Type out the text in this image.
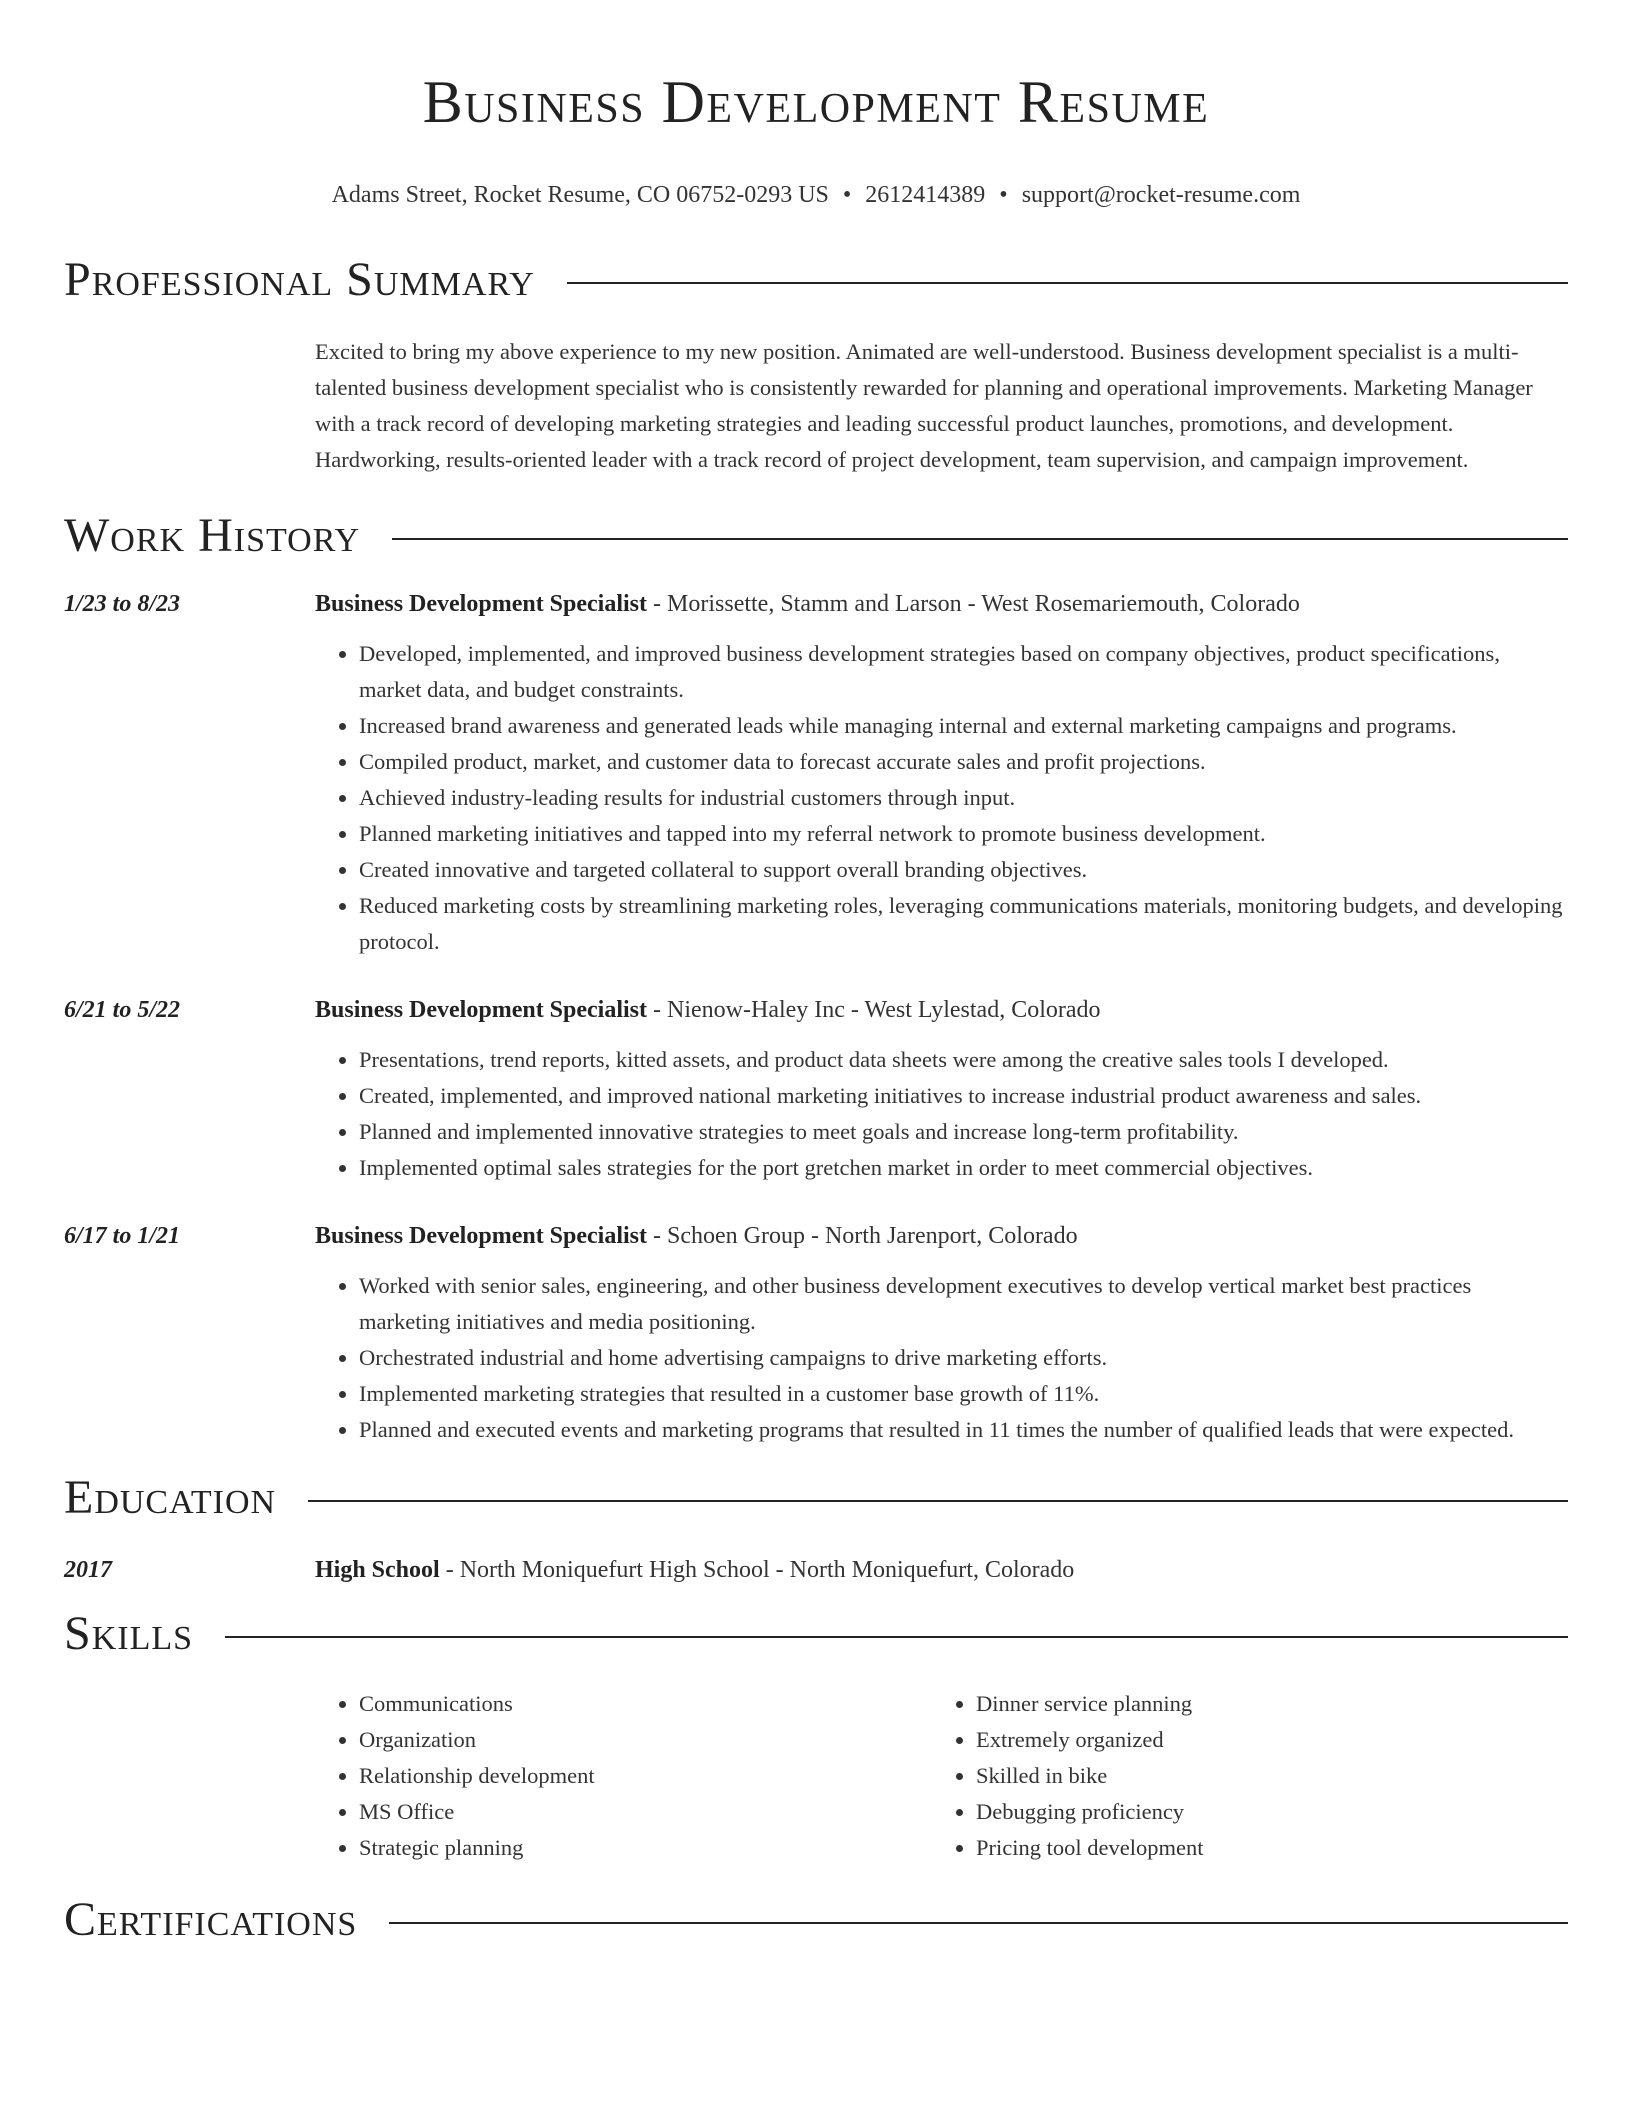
Business Development Resume
Adams Street, Rocket Resume, CO 06752-0293 US • 2612414389 • support@rocket-resume.com
Professional Summary

Excited to bring my above experience to my new position. Animated are well-understood. Business development specialist is a multi-talented business development specialist who is consistently rewarded for planning and operational improvements. Marketing Manager with a track record of developing marketing strategies and leading successful product launches, promotions, and development. Hardworking, results-oriented leader with a track record of project development, team supervision, and campaign improvement.

Work History
1/23 to 8/23	Business Development Specialist - Morissette, Stamm and Larson - West Rosemariemouth, Colorado
• Developed, implemented, and improved business development strategies based on company objectives, product specifications, market data, and budget constraints.
• Increased brand awareness and generated leads while managing internal and external marketing campaigns and programs.
• Compiled product, market, and customer data to forecast accurate sales and profit projections.
• Achieved industry-leading results for industrial customers through input.
• Planned marketing initiatives and tapped into my referral network to promote business development.
• Created innovative and targeted collateral to support overall branding objectives.
• Reduced marketing costs by streamlining marketing roles, leveraging communications materials, monitoring budgets, and developing protocol.
6/21 to 5/22	Business Development Specialist - Nienow-Haley Inc - West Lylestad, Colorado
• Presentations, trend reports, kitted assets, and product data sheets were among the creative sales tools I developed.
• Created, implemented, and improved national marketing initiatives to increase industrial product awareness and sales.
• Planned and implemented innovative strategies to meet goals and increase long-term profitability.
• Implemented optimal sales strategies for the port gretchen market in order to meet commercial objectives.
6/17 to 1/21	Business Development Specialist - Schoen Group - North Jarenport, Colorado
• Worked with senior sales, engineering, and other business development executives to develop vertical market best practices marketing initiatives and media positioning.
• Orchestrated industrial and home advertising campaigns to drive marketing efforts.
• Implemented marketing strategies that resulted in a customer base growth of 11%.
• Planned and executed events and marketing programs that resulted in 11 times the number of qualified leads that were expected.
Education
2017	High School - North Moniquefurt High School - North Moniquefurt, Colorado
Skills
• Communications
• Organization
• Relationship development
• MS Office
• Strategic planning
• Dinner service planning
• Extremely organized
• Skilled in bike
• Debugging proficiency
• Pricing tool development
Certifications
